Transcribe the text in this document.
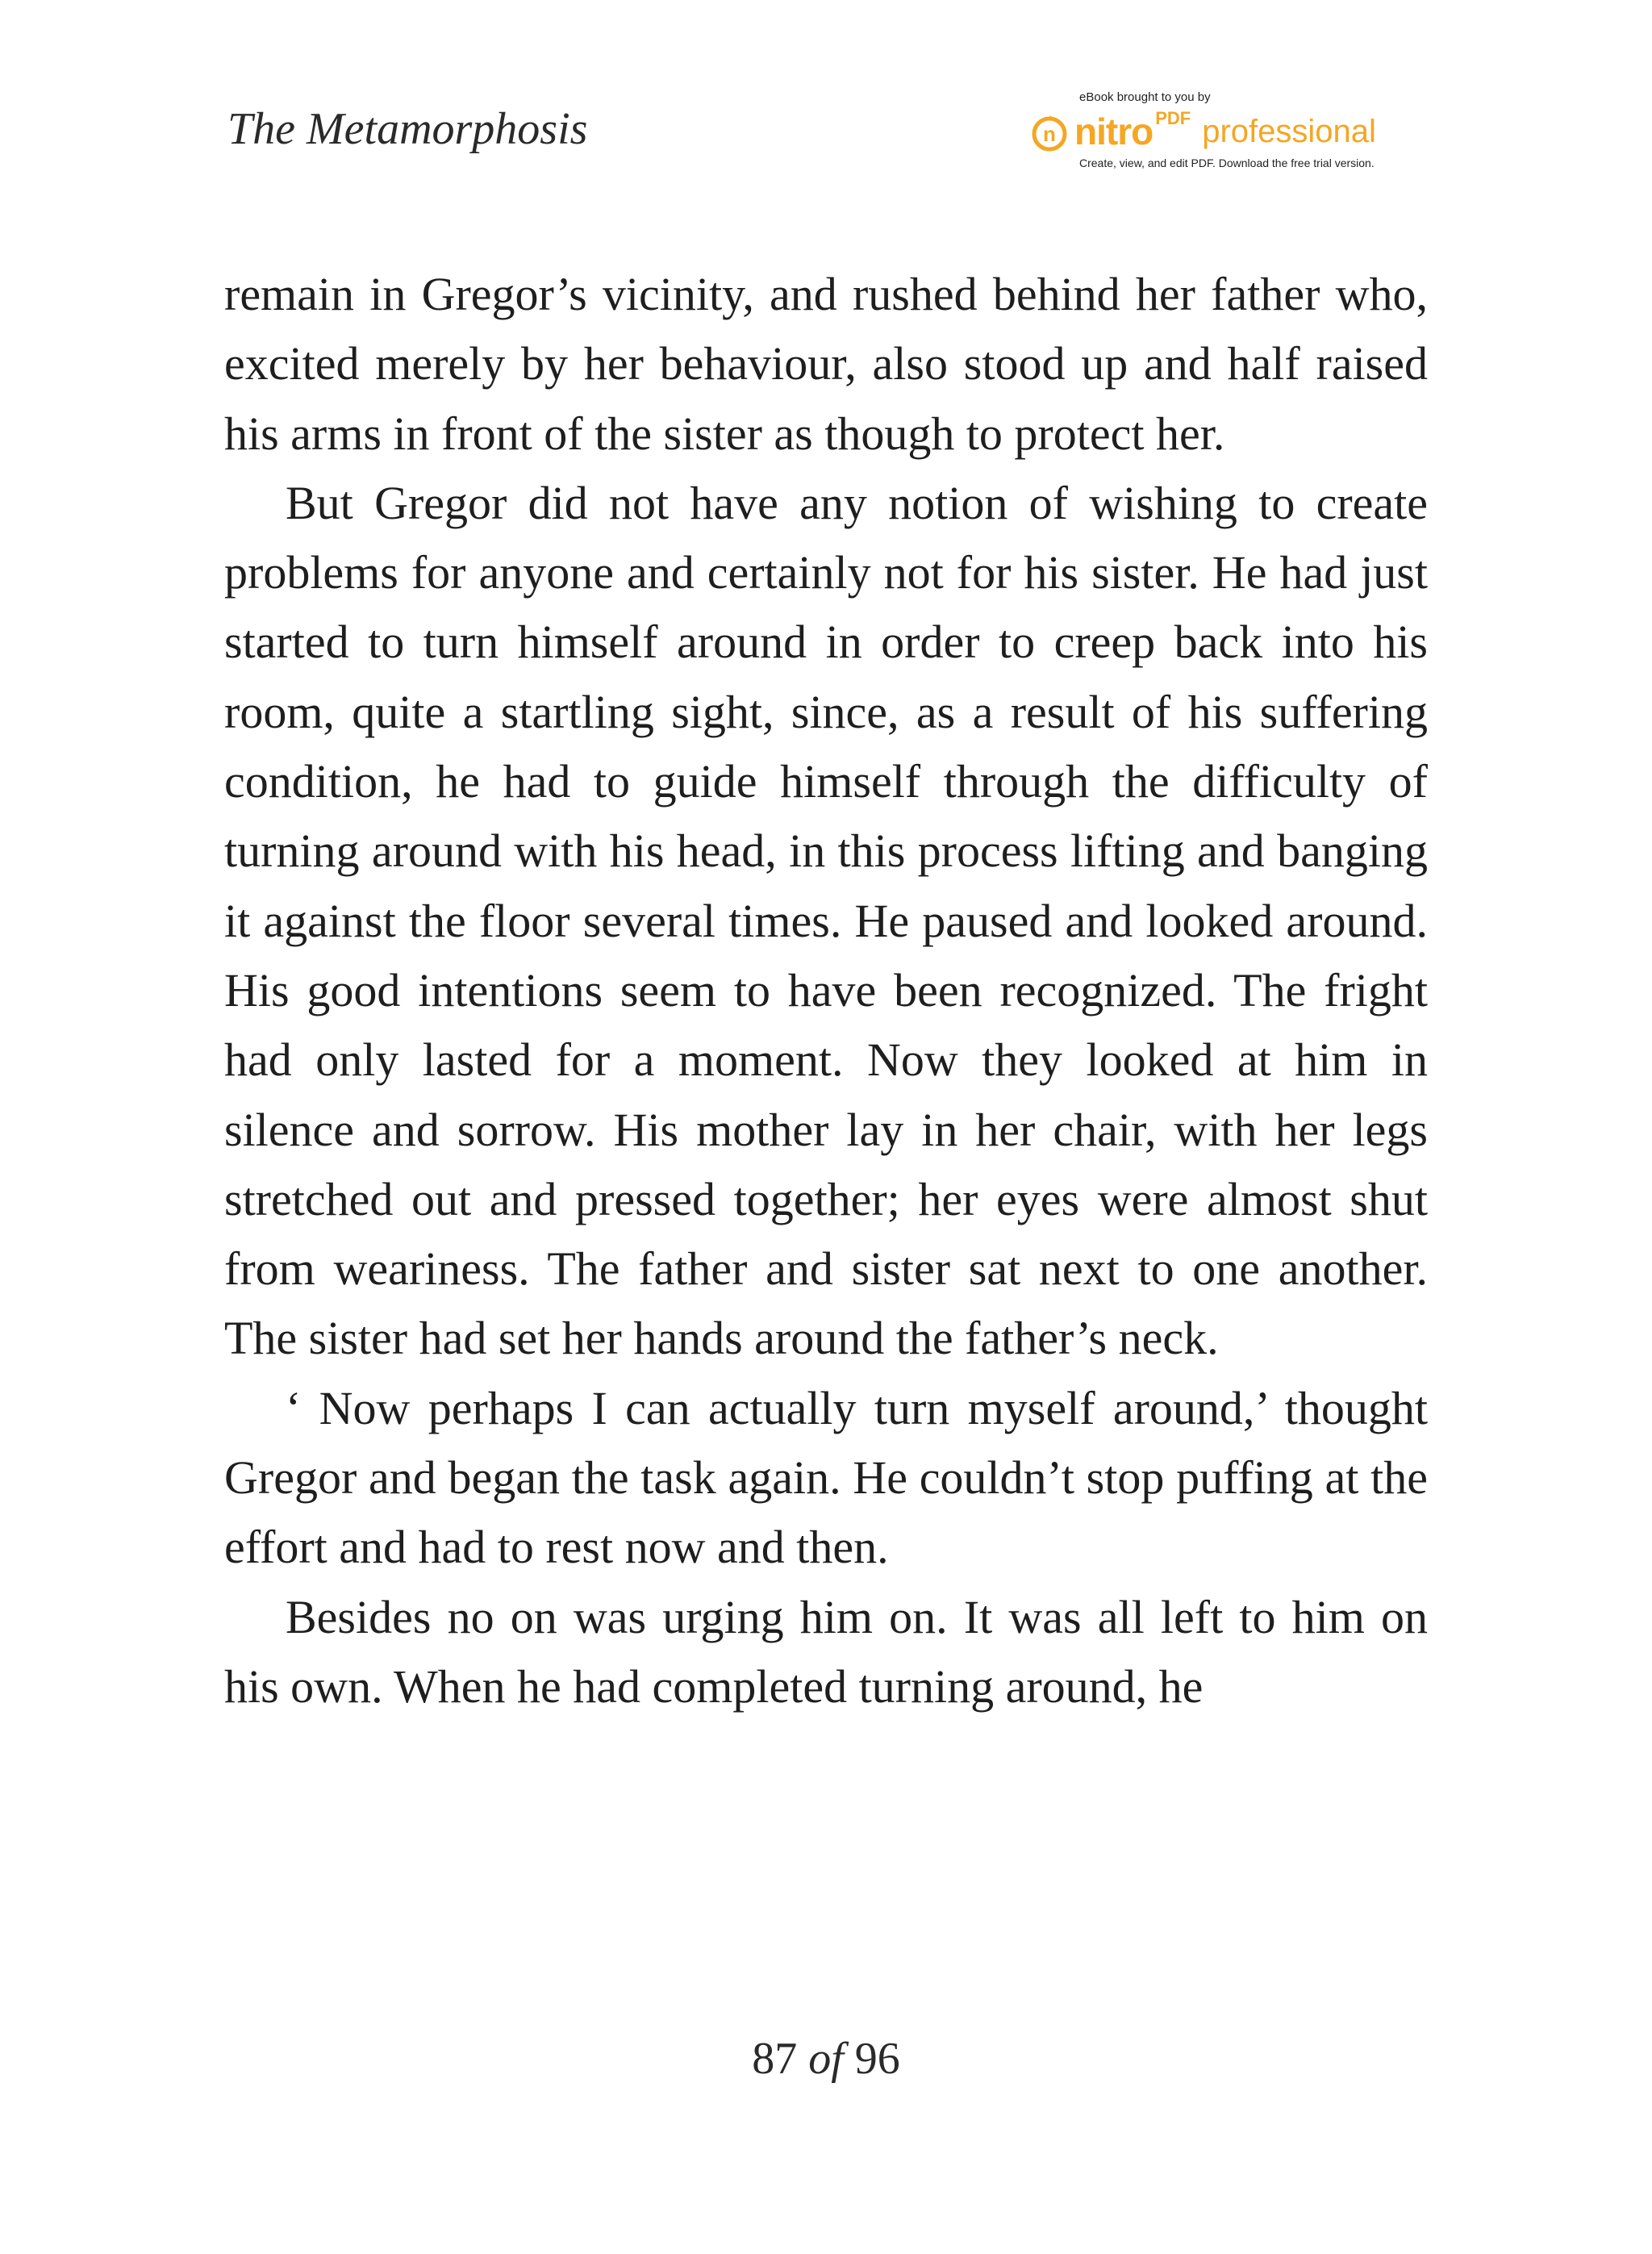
The Metamorphosis
eBook brought to you by
n nitro PDF professional
Create, view, and edit PDF. Download the free trial version.

remain in Gregor’s vicinity, and rushed behind her father who, excited merely by her behaviour, also stood up and half raised his arms in front of the sister as though to protect her.

But Gregor did not have any notion of wishing to create problems for anyone and certainly not for his sister. He had just started to turn himself around in order to creep back into his room, quite a startling sight, since, as a result of his suffering condition, he had to guide himself through the difficulty of turning around with his head, in this process lifting and banging it against the floor several times. He paused and looked around. His good intentions seem to have been recognized. The fright had only lasted for a moment. Now they looked at him in silence and sorrow. His mother lay in her chair, with her legs stretched out and pressed together; her eyes were almost shut from weariness. The father and sister sat next to one another. The sister had set her hands around the father’s neck.

‘ Now perhaps I can actually turn myself around,’ thought Gregor and began the task again. He couldn’t stop puffing at the effort and had to rest now and then.

Besides no on was urging him on. It was all left to him on his own. When he had completed turning around, he

87 of 96
